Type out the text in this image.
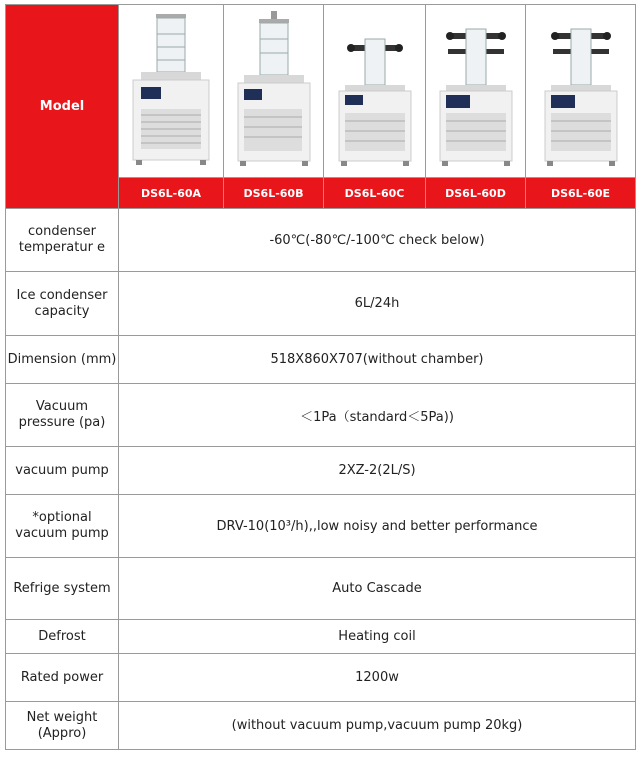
Model	

	DS6L-60A	DS6L-60B	DS6L-60C	DS6L-60D	DS6L-60E
condenser temperatur e	-60℃(-80℃/-100℃ check below)				
Ice condenser capacity	6L/24h				
Dimension (mm)	518X860X707(without chamber)				
Vacuum pressure (pa)	＜1Pa（standard＜5Pa))				
vacuum pump	2XZ-2(2L/S)				
*optional vacuum pump	DRV-10(10³/h),,low noisy and better performance				
Refrige system	Auto Cascade				
Defrost	Heating coil				
Rated power	1200w				
Net weight (Appro)	(without vacuum pump,vacuum pump 20kg)				
